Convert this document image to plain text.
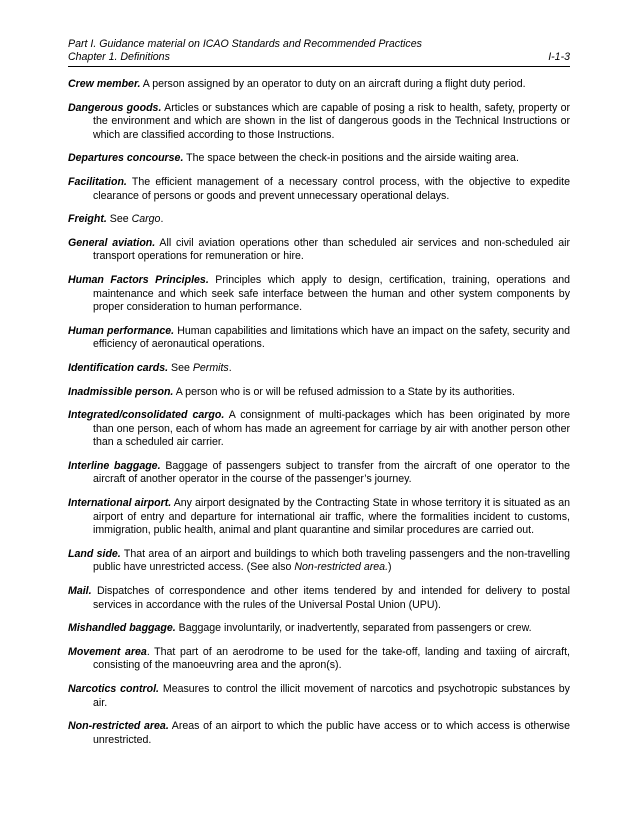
Part I. Guidance material on ICAO Standards and Recommended Practices
Chapter 1. Definitions	I-1-3

Crew member. A person assigned by an operator to duty on an aircraft during a flight duty period.

Dangerous goods. Articles or substances which are capable of posing a risk to health, safety, property or the environment and which are shown in the list of dangerous goods in the Technical Instructions or which are classified according to those Instructions.

Departures concourse. The space between the check-in positions and the airside waiting area.

Facilitation. The efficient management of a necessary control process, with the objective to expedite clearance of persons or goods and prevent unnecessary operational delays.

Freight. See Cargo.

General aviation. All civil aviation operations other than scheduled air services and non-scheduled air transport operations for remuneration or hire.

Human Factors Principles. Principles which apply to design, certification, training, operations and maintenance and which seek safe interface between the human and other system components by proper consideration to human performance.

Human performance. Human capabilities and limitations which have an impact on the safety, security and efficiency of aeronautical operations.

Identification cards. See Permits.

Inadmissible person. A person who is or will be refused admission to a State by its authorities.

Integrated/consolidated cargo. A consignment of multi-packages which has been originated by more than one person, each of whom has made an agreement for carriage by air with another person other than a scheduled air carrier.

Interline baggage. Baggage of passengers subject to transfer from the aircraft of one operator to the aircraft of another operator in the course of the passenger’s journey.

International airport. Any airport designated by the Contracting State in whose territory it is situated as an airport of entry and departure for international air traffic, where the formalities incident to customs, immigration, public health, animal and plant quarantine and similar procedures are carried out.

Land side. That area of an airport and buildings to which both traveling passengers and the non-travelling public have unrestricted access. (See also Non-restricted area.)

Mail. Dispatches of correspondence and other items tendered by and intended for delivery to postal services in accordance with the rules of the Universal Postal Union (UPU).

Mishandled baggage. Baggage involuntarily, or inadvertently, separated from passengers or crew.

Movement area. That part of an aerodrome to be used for the take-off, landing and taxiing of aircraft, consisting of the manoeuvring area and the apron(s).

Narcotics control. Measures to control the illicit movement of narcotics and psychotropic substances by air.

Non-restricted area. Areas of an airport to which the public have access or to which access is otherwise unrestricted.
